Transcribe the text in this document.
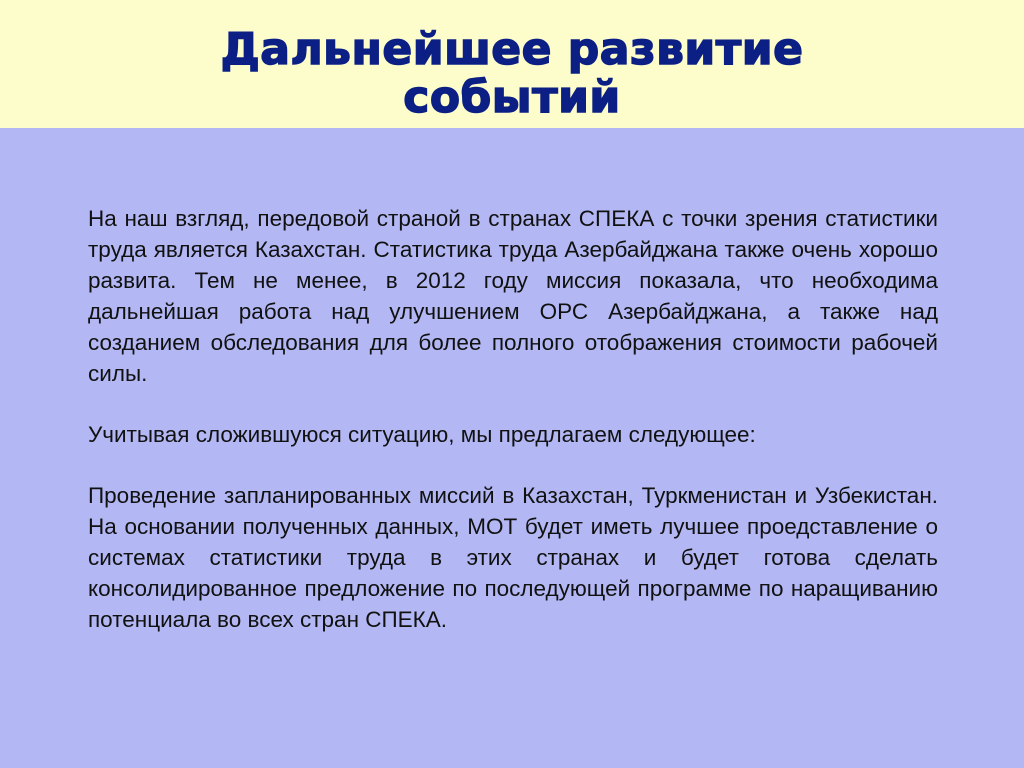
Дальнейшее развитие
событий

На наш взгляд, передовой страной в странах СПЕКА с точки зрения статистики труда является Казахстан. Статистика труда Азербайджана также очень хорошо развита. Тем не менее, в 2012 году миссия показала, что необходима дальнейшая работа над улучшением ОРС Азербайджана, а также над созданием обследования для более полного отображения стоимости рабочей силы.

Учитывая сложившуюся ситуацию, мы предлагаем следующее:

Проведение запланированных миссий в Казахстан, Туркменистан и Узбекистан. На основании полученных данных, МОТ будет иметь лучшее проедставление о системах статистики труда в этих странах и будет готова сделать консолидированное предложение по последующей программе по наращиванию потенциала во всех стран СПЕКА.
